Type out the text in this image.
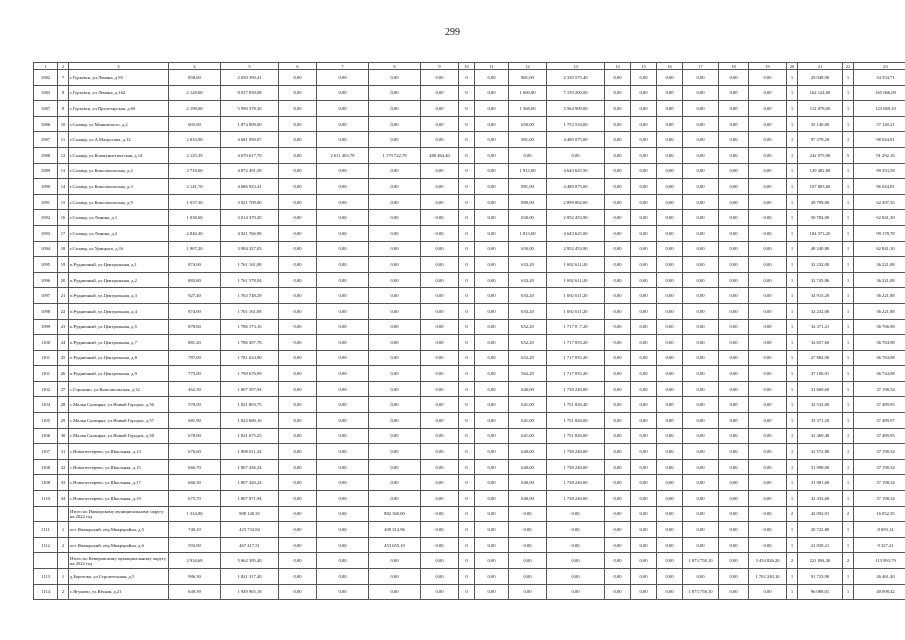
299
1	2	3	4	5	6	7	8	9	10	11	12	13	14	15	16	17	18	19	20	21	22	23
1082	7	г.Гурьевск, ул.Ленина, д.95	858,60	2 650 390,41	0,00	0,00	0,00	0,00	0	0,00	881,00	2 330 575,40	0,00	0,00	0,00	0,00	0,00	0,00	1	29 048,90	1	34 554,71
1083	8	г.Гурьевск, ул.Ленина, д.162	2 128,00	8 037 830,08	0,00	0,00	0,00	0,00	0	0,00	1 600,00	7 159 200,00	0,00	0,00	0,00	0,00	0,00	0,00	1	162 124,00	1	165 066,08
1087	9	г.Гурьевск, ул.Пролетарская, д.69	2 198,00	5 990 378,30	0,00	0,00	0,00	0,00	0	0,00	1 368,00	5 564 909,00	0,00	0,00	0,00	0,00	0,00	0,00	1	112 878,00	1	123 869,10
1086	10	г.Салаир, ул.Маяковского, д.2	605,60	1 874 809,00	0,00	0,00	0,00	0,00	0	0,00	650,00	1 753 534,00	0,00	0,00	0,00	0,00	0,00	0,00	1	35 140,00	1	57 140,21
1087	11	г.Салаир, ул.А.Матросова, д.12	2 033,90	4 681 090,07	0,00	0,00	0,00	0,00	0	0,00	981,00	4 480 075,00	0,00	0,00	0,00	0,00	0,00	0,00	1	97 379,20	1	98 044,81
1088	12	г.Салаир, ул.Коммунистическая, д.14	2 125,39	4 670 617,70	0,00	2 611 403,79	1 179 722,79	480 464,40	0	0,00	0,00	0,00	0,00	0,00	0,00	0,00	0,00	0,00	1	242 975,90	5	91 292,16
1089	13	г.Салаир, ул.Комсомольская, д.2	2 718,60	4 872 491,58	0,00	0,00	0,00	0,00	0	0,00	1 915,00	4 643 625,50	0,00	0,00	0,00	0,00	0,00	0,00	1	129 482,80	1	99 353,58
1090	14	г.Салаир, ул.Комсомольская, д.3	2 141,70	4 686 923,41	0,00	0,00	0,00	0,00	0	0,00	981,00	4 480 075,00	0,00	0,00	0,00	0,00	0,00	0,00	1	107 803,60	1	96 044,81
1091	15	г.Салаир, ул.Комсомольская, д.9	1 037,30	3 021 709,00	0,00	0,00	0,00	0,00	0	0,00	880,00	2 899 062,00	0,00	0,00	0,00	0,00	0,00	0,00	1	49 799,00	1	62 297,35
1092	16	г.Салаир, ул.Ленина, д.1	1 038,60	3 014 370,20	0,00	0,00	0,00	0,00	0	0,00	650,00	2 952 453,90	0,00	0,00	0,00	0,00	0,00	0,00	1	50 784,00	1	62 841,30
1093	17	г.Салаир, ул.Ленина, д.2	2 840,40	4 921 766,98	0,00	0,00	0,00	0,00	0	0,00	1 813,00	4 643 625,00	0,00	0,00	0,00	0,00	0,00	0,00	1	184 373,20	1	99 178,78
1094	18	г.Салаир, ул.Урицкого, д.16	1 907,20	3 084 327,03	0,00	0,00	0,00	0,00	0	0,00	650,00	2 952 453,90	0,00	0,00	0,00	0,00	0,00	0,00	1	48 240,80	1	62 841,30
1095	19	п.Рудничный, ул.Центральная, д.1	874,00	1 761 161,08	0,00	0,00	0,00	0,00	0	0,00	633,20	1 692 611,20	0,00	0,00	0,00	0,00	0,00	0,00	1	32 232,00	1	36 221,88
1096	20	п.Рудничный, ул.Центральная, д.2	883,80	1 761 578,94	0,00	0,00	0,00	0,00	0	0,00	633,20	1 692 611,20	0,00	0,00	0,00	0,00	0,00	0,00	1	32 745,86	1	36 221,88
1097	21	п.Рудничный, ул.Центральная, д.3	927,40	1 763 748,29	0,00	0,00	0,00	0,00	0	0,00	633,20	1 692 611,20	0,00	0,00	0,00	0,00	0,00	0,00	1	34 915,20	1	36 221,88
1098	22	п.Рудничный, ул.Центральная, д.4	874,00	1 761 161,08	0,00	0,00	0,00	0,00	0	0,00	633,20	1 692 611,20	0,00	0,00	0,00	0,00	0,00	0,00	1	32 232,00	1	36 221,88
1099	23	п.Рудничный, ул.Центральная, д.5	878,60	1 786 173,16	0,00	0,00	0,00	0,00	0	0,00	652,20	1 717 0 .7,20	0,00	0,00	0,00	0,00	0,00	0,00	1	32 371,21	1	36 766,98
1100	24	п.Рудничный, ул.Центральная, д.7	881,20	1 786 497,78	0,00	0,00	0,00	0,00	0	0,00	652,20	1 717 055,20	0,00	0,00	0,00	0,00	0,00	0,00	1	32 657,60	1	36 784,98
1101	25	п.Рудничный, ул.Центральная, д.8	787,00	1 781 624,90	0,00	0,00	0,00	0,00	0	0,00	652,20	1 717 055,20	0,00	0,00	0,00	0,00	0,00	0,00	1	27 884,90	1	36 784,98
1101	26	п.Рудничный, ул.Центральная, д.9	775,00	1 790 676,99	0,00	0,00	0,00	0,00	0	0,00	562,20	1 717 055,20	0,00	0,00	0,00	0,00	0,00	0,00	1	37 106,91	1	36 744,98
1102	27	с.Горскино, ул.Комсомольская, д.32	462,30	1 807 397,94	0,00	0,00	0,00	0,00	0	0,00	640,00	1 738 240,00	0,00	0,00	0,00	0,00	0,00	0,00	1	31 669,60	1	37 198,34
1104	28	с.Малая Салаирка, ул.Новый Городок, д.56	578,00	1 821 803,75	0,00	0,00	0,00	0,00	0	0,00	641,00	1 751 820,40	0,00	0,00	0,00	0,00	0,00	0,00	1	32 532,00	1	37 489,95
1105	29	с.Малая Салаирка, ул.Новый Городок, д.57	681,90	1 822 680,16	0,00	0,00	0,00	0,00	0	0,00	641,00	1 751 820,00	0,00	0,00	0,00	0,00	0,00	0,00	1	33 371,20	1	37 489,97
1106	30	с.Малая Салаирка, ул.Новый Городок, д.58	678,00	1 821 675,25	0,00	0,00	0,00	0,00	0	0,00	641,00	1 751 820,00	0,00	0,00	0,00	0,00	0,00	0,00	1	32 369,40	1	37 489,95
1107	31	с.Новопестерево, ул.Школьная, д.13	676,60	1 808 011,34	0,00	0,00	0,00	0,00	0	0,00	640,00	1 738 240,00	0,00	0,00	0,00	0,00	0,00	0,00	1	32 572,80	1	37 198,34
1108	32	с.Новопестерево, ул.Школьная, д.15	666,70	1 807 436,24	0,00	0,00	0,00	0,00	0	0,00	640,00	1 738 240,00	0,00	0,00	0,00	0,00	0,00	0,00	1	31 998,00	1	37 198,34
1108	33	с.Новопестерево, ул.Школьная, д.17	666,30	1 807 420,24	0,00	0,00	0,00	0,00	0	0,00	640,00	1 738 240,00	0,00	0,00	0,00	0,00	0,00	0,00	1	31 981,60	1	37 198,34
1110	34	с.Новопестерево, ул.Школьная, д.19	675,70	1 807 871,94	0,00	0,00	0,00	0,00	0	0,00	640,00	1 738 240,00	0,00	0,00	0,00	0,00	0,00	0,00	1	32 433,60	1	37 198,34
		Итого по Ижморскому муниципальному округу на 2022 год	1 334,80	908 140,35	0,00	0,00	882 360,00	0,00	0	0,00	0,00	0,00	0,00	0,00	0,00	0,00	0,00	0,00	2	42 092,91	2	16 052,35
1111	1	пгт Ижморский, пер.Микрорайон, д.5	740,10	423 733,84	0,00	0,00	400 314,96	0,00	0	0,00	0,00	0,00	0,00	0,00	0,00	0,00	0,00	0,00	1	20 722,80	1	8 693,14
1112	2	пгт Ижморский, пер.Микрорайон, д.6	593,90	467 417,51	0,00	0,00	453 655,10	0,00	0	0,00	0,00	0,00	0,00	0,00	0,00	0,00	0,00	0,00	1	21 839,21	1	9 327,21
		Итого по Кемеровскому муниципальному округу на 2022 год	2 934,69	5 662 395,40	0,00	0,00	0,00	0,00	0	0,00	0,00	0,00	0,00	0,00	0,00	1 873 758,10	0,00	3 454 826,20	2	221 094,30	2	113 993,79
1113	1	д.Березово, ул.Строительная, д.5	986,30	1 821 317,40	0,00	0,00	0,00	0,00	0	0,00	0,00	0,00	0,00	0,00	0,00	0,00	0,00	1 702 240,10	1	91 723,90	1	26 461,40
1114	2	с.Ягуново, ул.Ючная, д.21	649,39	1 949 965,18	0,00	0,00	0,00	0,00	0	0,00	0,00	0,00	0,00	0,00	0,00	1 873 758,10	0,00	0,00	1	96 088,01	1	40 098,42
